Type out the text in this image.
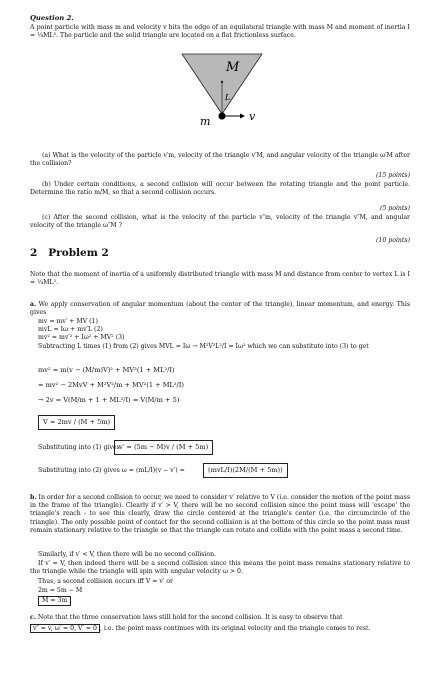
Question 2.
A point particle with mass m and velocity v hits the edge of an equilateral triangle with mass M and moment of inertia I = ¼ML². The particle and the solid triangle are located on a flat frictionless surface.
M
L
m	v
(a) What is the velocity of the particle v′m, velocity of the triangle v′M, and angular velocity of the triangle ω′M after the collision?
(15 points)
(b) Under certain conditions, a second collision will occur between the rotating triangle and the point particle. Determine the ratio m/M, so that a second collision occurs.
(5 points)
(c) After the second collision, what is the velocity of the particle v″m, velocity of the triangle v″M, and angular velocity of the triangle ω″M ?
(10 points)
2 Problem 2
Note that the moment of inertia of a uniformly distributed triangle with mass M and distance from center to vertex L is I = ¼ML².
a. We apply conservation of angular momentum (about the center of the triangle), linear momentum, and energy. This gives
mv = mv′ + MV (1)
mvL = Iω + mv′L (2)
mv² = mv′² + Iω² + MV² (3)
Subtracting L times (1) from (2) gives MVL = Iω → M²V²L²/I = Iω² which we can substitute into (3) to get
mv² = m(v − (M/m)V)² + MV²(1 + ML²/I)
= mv² − 2MvV + M²V²/m + MV²(1 + ML²/I)
→ 2v = V(M/m + 1 + ML²/I) = V(M/m + 5)
V = 2mv / (M + 5m)
Substituting into (1) gives v′ = (5m − M)v / (M + 5m)
Substituting into (2) gives ω = (mL/I)(v − v′) =	(mvL/I)(2M/(M + 5m))
b. In order for a second collision to occur, we need to consider v′ relative to V (i.e. consider the motion of the point mass in the frame of the triangle). Clearly if v′ > V, there will be no second collision since the point mass will 'escape' the triangle's reach - to see this clearly, draw the circle centered at the triangle's center (i.e. the circumcircle of the triangle). The only possible point of contact for the second collision is at the bottom of this circle so the point mass must remain stationary relative to the triangle so that the triangle can rotate and collide with the point mass a second time.
Similarly, if v′ < V, then there will be no second collision.
If v′ = V, then indeed there will be a second collision since this means the point mass remains stationary relative to the triangle while the triangle will spin with angular velocity ω > 0.
Thus, a second collision occurs iff V = v′ or
2m = 5m − M
M = 3m
c. Note that the three conservation laws still hold for the second collision. It is easy to observe that
v″ = v, ω′ = 0, V′ = 0 , i.e. the point mass continues with its original velocity and the triangle comes to rest.
